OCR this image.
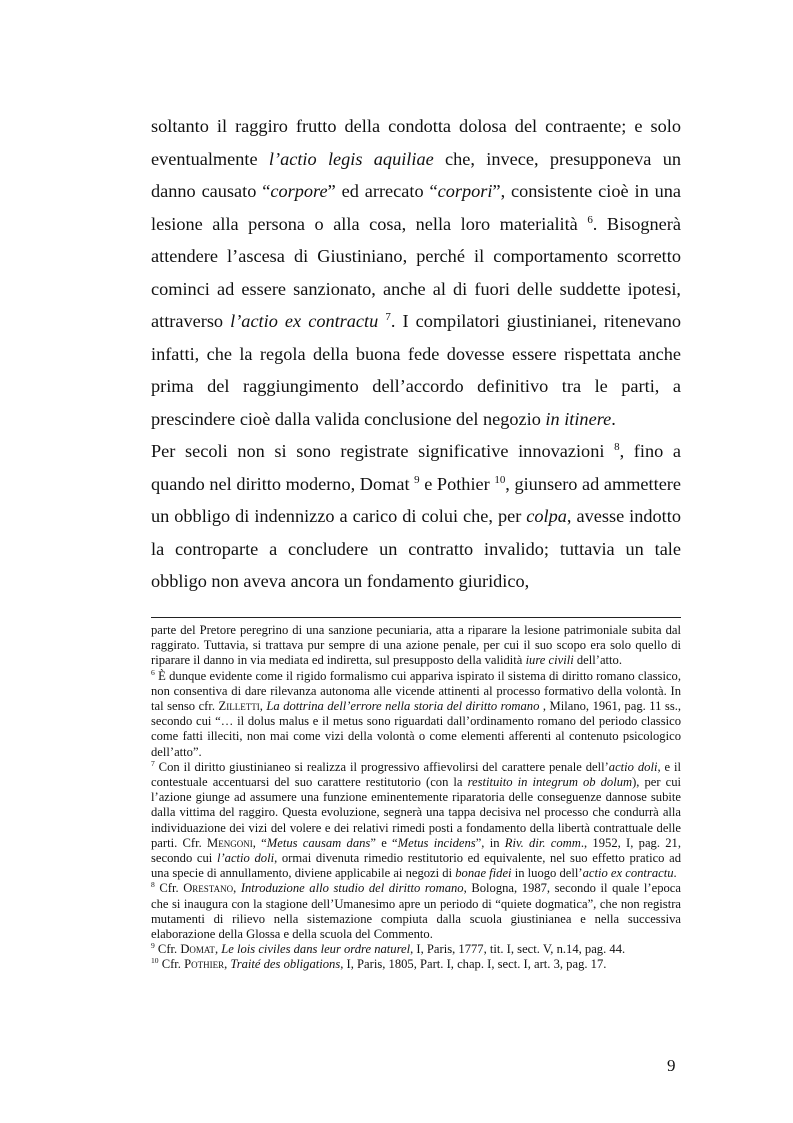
soltanto il raggiro frutto della condotta dolosa del contraente; e solo eventualmente l’actio legis aquiliae che, invece, presupponeva un danno causato “corpore” ed arrecato “corpori”, consistente cioè in una lesione alla persona o alla cosa, nella loro materialità $^6$. Bisognerà attendere l’ascesa di Giustiniano, perché il comportamento scorretto cominci ad essere sanzionato, anche al di fuori delle suddette ipotesi, attraverso l’actio ex contractu $^7$. I compilatori giustinianei, ritenevano infatti, che la regola della buona fede dovesse essere rispettata anche prima del raggiungimento dell’accordo definitivo tra le parti, a prescindere cioè dalla valida conclusione del negozio in itinere.

Per secoli non si sono registrate significative innovazioni $^8$, fino a quando nel diritto moderno, Domat $^9$ e Pothier $^{10}$, giunsero ad ammettere un obbligo di indennizzo a carico di colui che, per colpa, avesse indotto la controparte a concludere un contratto invalido; tuttavia un tale obbligo non aveva ancora un fondamento giuridico,

parte del Pretore peregrino di una sanzione pecuniaria, atta a riparare la lesione patrimoniale subita dal raggirato. Tuttavia, si trattava pur sempre di una azione penale, per cui il suo scopo era solo quello di riparare il danno in via mediata ed indiretta, sul presupposto della validità iure civili dell’atto.

$^6$ È dunque evidente come il rigido formalismo cui appariva ispirato il sistema di diritto romano classico, non consentiva di dare rilevanza autonoma alle vicende attinenti al processo formativo della volontà. In tal senso cfr. Zilletti, La dottrina dell’errore nella storia del diritto romano , Milano, 1961, pag. 11 ss., secondo cui “… il dolus malus e il metus sono riguardati dall’ordinamento romano del periodo classico come fatti illeciti, non mai come vizi della volontà o come elementi afferenti al contenuto psicologico dell’atto”.

$^7$ Con il diritto giustinianeo si realizza il progressivo affievolirsi del carattere penale dell’actio doli, e il contestuale accentuarsi del suo carattere restitutorio (con la restituito in integrum ob dolum), per cui l’azione giunge ad assumere una funzione eminentemente riparatoria delle conseguenze dannose subite dalla vittima del raggiro. Questa evoluzione, segnerà una tappa decisiva nel processo che condurrà alla individuazione dei vizi del volere e dei relativi rimedi posti a fondamento della libertà contrattuale delle parti. Cfr. Mengoni, “Metus causam dans” e “Metus incidens”, in Riv. dir. comm., 1952, I, pag. 21, secondo cui l’actio doli, ormai divenuta rimedio restitutorio ed equivalente, nel suo effetto pratico ad una specie di annullamento, diviene applicabile ai negozi di bonae fidei in luogo dell’actio ex contractu.

$^8$ Cfr. Orestano, Introduzione allo studio del diritto romano, Bologna, 1987, secondo il quale l’epoca che si inaugura con la stagione dell’Umanesimo apre un periodo di “quiete dogmatica”, che non registra mutamenti di rilievo nella sistemazione compiuta dalla scuola giustinianea e nella successiva elaborazione della Glossa e della scuola del Commento.

$^9$ Cfr. Domat, Le lois civiles dans leur ordre naturel, I, Paris, 1777, tit. I, sect. V, n.14, pag. 44.

$^{10}$ Cfr. Pothier, Traité des obligations, I, Paris, 1805, Part. I, chap. I, sect. I, art. 3, pag. 17.

9
